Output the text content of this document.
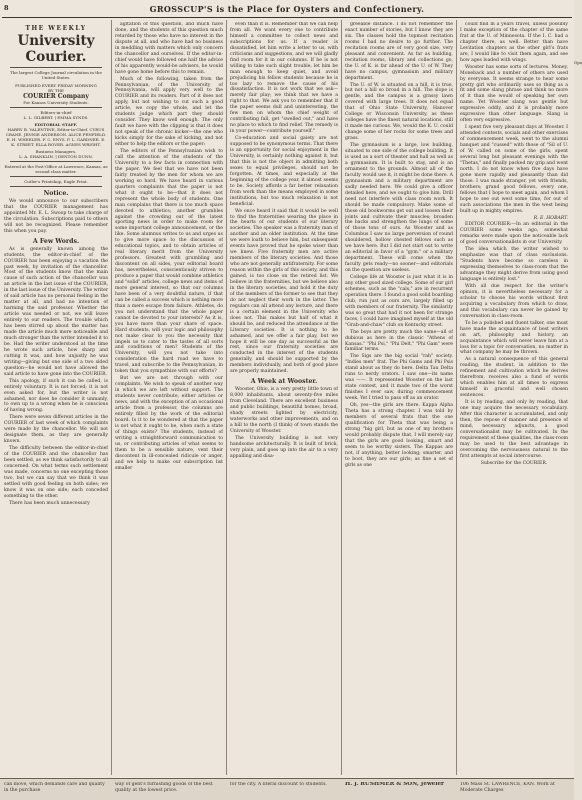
8	GROSSCUP'S is the Place for Oysters and Confectionery.
THE WEEKLY
University Courier.
The largest College Journal circulation in the United States.
PUBLISHED EVERY FRIDAY MORNING
BY THE
COURIER Company
For Kansas University Students.
Editors-in-chief
L. L. GILBERT. | EMMA SYNDS.
EDITORIAL STAFF.
HARRY B. VALENTINE, Editor-in-Chief. CYRUS CRANE. JENNIE ANDERSON. ALICE PENFIELD. E. H. WHEELER. F. C. ENYS. F. L. GARDNER. E. K. STREET. ELLA ROVER. AGNES WRIGHT.
Business Managers.
L. A. SHANKLIN. | DENTON DUNN.
Entered at the Post-Office at Lawrence, Kansas, as second class matter.
Cutler's Printshop, Eagle Print.
Notice.

We would announce to our subscribers that the COURIER management has appointed Mr. E. L. Swoop to take charge of the circulation. Subscriptions paid to others will not be recognized. Please remember this when you pay.

A Few Words.

As is generally known among the students, the editor-in-chief of the COURIER has been enjoying a vacation the past week, by invitation of the chancellor. Most of the students know that the main cause of such action of the chancellor was an article in the last issue of the COURIER, in the last issue of the University. The writer of said article has no personal feeling in the matter at all, and had no intention of harming the said professor. Whether the article was needed or not, we will leave entirely to our readers. The trouble which has been stirred up about the matter has made the article much more noticeable and much stronger than the writer intended it to be. Had the writer understood at the time he wrote such article, how sharp and cutting it was, and how unjustly he was writing—giving but one side of a two sided question—he would not have allowed the said article to have gone into the COURIER.

This apology, if such it can be called, is entirely voluntary. It is not forced; it is not even asked for, but the writer is not ashamed, nor does he consider it unmanly, to own up to a wrong when he is conscious of having wrong.

There were seven different articles in the COURIER of last week of which complaints were made by the chancellor. We will not designate them, as they are generally known.

The difficulty between the editor-in-chief of the COURIER and the chancellor has been settled, as we think satisfactorily to all concerned. On what terms such settlement was made, concerns no one excepting those two, but we can say that we think it was settled with good feeling on both sides; we know it was on one side; each conceded something to the other.

There has been much unnecessary

agitation of this question, and much have done, and the students of this question much retarded by those who have no interest in the dispute at all, and who have had no business in meddling with matters which only concern the chancellor and ourselves. If the editor-in-chief would have followed one half the advice of his apparently would-be advisers, he would have gone home before this to remain.

Much of the following, taken from the Pennsylvanian, of the University of Pennsylvania, will apply very well to the COURIER and its readers. Part of it does not apply, but not wishing to cut such a good article, we copy the whole, and let the students judge which part they should consider. They know well enough. The only fault we have with the clipping is that it does not speak of the chronic kicker—the one who kicks simply for the sake of kicking, and not either to help the editors or the paper:

The editors of the Pennsylvanian wish to call the attention of the students of the University to a few facts in connection with the paper. We feel that we have not been fairly treated by the men for whom we are working so hard. We have heard in various quarters complaints that the paper is not what it ought to be—that it does not represent the whole body of students. One man complains that there is too much space devoted to athletics; another grumbles against the crowding out of the latest sporting news in order to make room for some important college announcement, or the like. Some alumnus writes to us and urges us to give more space to the discussion of educational topics, and to obtain articles of real literary merit from the University professors. Greatest with grumbling and discontent on all sides, your editorial board has, nevertheless, conscientiously striven to produce a paper that would combine athletics and "solid" articles, college news and items of more general interest, so that our columns have been of a very doubtful nature, if that can be called a success which is nothing more than a mere escape from failure. Athletes, do you not understand that the whole paper cannot be devoted to your interests? As it is, you have more than your share of space. Hard students, will your logic and philosophy not make clear to you the necessity that impels us to cater to the tastes of all sorts and conditions of men? Students of the University, will you not take into consideration the hard road we have to travel, and subscribe to the Pennsylvanian, in token that you sympathize with our efforts?

But we are not through with our complaints. We wish to speak of another way in which we are left without support. The students never contribute, either articles or news, and with the exception of an occasional article from a professor, the columns are entirely filled by the work of the editorial board. Is it to be wondered at that the paper is not what it ought to be, when such a state of things exists? The students, instead of writing a straightforward communication to us, or contributing articles of what seems to them to be a sensible nature, vent their discontent in ill-concealed ridicule or anger, and we help to make our subscription list smaller

even than it is. Remember that we can help from all. We want every one to contribute himself a committee to collect news and subscriptions for us. If a reader is dissatisfied, let him write a letter to us, with criticisms and suggestions, and we will gladly find room for it in our columns. If he is not willing to take such slight trouble, let him be man enough to keep quiet, and avoid prejudicing his fellow students because he is too lazy to remove the cause of his dissatisfaction. It is not work that we ask—merely fair play; we think that we have a right to that. We ask you to remember that if the paper seems dull and uninteresting, the few men on whom the chief weight of contributing fall, get "swelled out," and have no place to which to find relief. The remedy is in your power—contribute yourself."

Co-education and social gaiety are not supposed to be synonymous terms. That there is an opportunity for social enjoyment in the University, is certainly nothing against it, but that this is not the object in admitting both sexes to equal privileges, should not be forgotten. At times, and especially at the beginning of the college year, it almost seems to be. Society affords a far better relaxation from work than the means employed in some institutions, but too much relaxation is not beneficial.

We once heard it said that it would be well to find the fraternities wearing the place in the hearts of our students of our literary societies. The speaker was a fraternity man of another and an older institution. At the time we were loath to believe him, but subsequent events have proved that he spoke wiser than we knew. Five fraternity men are active members of the literary societies. And those who are not generally antifraternity. For some reason within the girls of this society, and this gained, is too close on the retired list. We believe in the fraternities, but we believe also in the literary societies, and hold it the duty of the members of the former to see that they do not neglect their work in the latter. The regulars can all attend any lecture, and there is a certain element in the University who does not. This makes but half of what it should be, and reduced the attendance at the Literary societies. It is nothing to be ashamed, and we offer a fair play, but we hope it will be one day as successful as the rest, since our fraternity societies are conducted in the interest of the students generally, and should be supported by the members individually, and both of good place are properly maintained.

A Week at Wooster.

Wooster, Ohio, is a very pretty little town of 8,000 inhabitants, about seventy-five miles from Cleveland. There are excellent business and public buildings, beautiful homes, broad, shady streets lighted by electricity, waterworks and other improvements, and on a hill to the north (I think) of town stands the University of Wooster.

The University building is not very handsome architecturally. It is built of brick, very plain, and goes up into the air to a very appalling and disa-

greeable distance. I do not remember the exact number of stories, but I know they are six. The classes hold the topmost recitation rooms I had no desire to go further. The recitation rooms are of very good size, very pleasant and convenient. As far as building, recitation rooms, library and collections go, the U. of K. is far ahead of the U. of W. They have no campus, gymnasium and military department.

The U. of W. is situated on a hill, it is true, but not a hill so broad in a hill. The slope is gentle, and the campus is a grassy lawn covered with large trees. It does not equal that of Ohio State University, Hanover College or Wisconsin University, as these colleges have the finest natural locations, still it made me curious. We, would the K. U. could change some of her rocks for some trees and grass.

The gymnasium is a large, low building, situated to one side of the college building. It is used as a sort of theater and hall as well as a gymnasium. It is built to stay, and is an ornament to the grounds. Almost all of the faculty would use it, it might be done there. A gymnasium and a military department are sadly needed here. We could give a officer detailed here, and we ought to give him. Drill need not interfere with class room work. It should be made compulsory. Make some of those old bookworms get out and loosen their joints and cultivate their muscles; broaden the backs and strengthen the lungs of some of those tons of ours. As Wooster and as Columbus I saw no large perversion of round shouldered, hollow chested fellows such as we have here. But I did not start out to write an editorial in favor of a "gym." or a military department. These will come when the faculty gets ready—no sooner—and editorials on the question are useless.

College life at Wooster is just what it is in any other good sized college. Some of our girl schemes, such as the "cals," are in recurrent operation there. I found a good solid boarding club, run just as ours are, largely filled up with members of our fraternity. The similarity was so great that had it not been for strange faces, I could have imagined myself at the old "Grab-and-chaw" club on Kentucky street.

The boys are pretty much the same—all of dubious as here in the classic "Athens of Kansas." "Phi Psi," "Phi Delt," "Phi Gam" were familiar terms.

The Sigs are the big social "rah" society. "Indies men" frat. The Phi Gams and Phi Psis stand about as they do here. Delta Tau Delta runs to nerdy orators. I saw one—its name was ——. It represented Wooster on the last state contest, and it made two of the worst finishes I ever saw, during commencement week. Yet I tried to pass off as an orator.

Oh, yes—the girls are there. Kappa Alpha Theta has a strong chapter. I was told by members of several frats that the one qualification for Theta that was being a strong "big girl, but as one of my brothers would probably dispute that, I will merely say that the girls are good looking, smart and seem to be worthy sisters. The Kappas are not, if anything, better looking; smarter, and to boot, they are our girls; as fine a set of girls as one

could find in a years travel, unless possibly I make exception of the chapter of the same frat at the U. of Minnesota. If the I. C. had a chapter there, as well. Better than have Levitation chapters as the other girl's frats are, I would like to visit them again, and see how ages loaded with wings.

Wooster has some sorts of lectures. Money, Moneback and a number of others are used by everyone. It seems strange to hear some pretty girl who ordinarily uses so thing as a fit and some slang phrase and think no more of it than she would of speaking her own name. Yet Wooster slang was gentle but expressive oddly, and it is probably more expressive than other language. Slang is often very expressive.

I spent five very pleasant days at Wooster. I attended contests, socials and other exercises of commencement week, went to the alumni banquet and "cussed" with those of "Sil of U. of W. called on some of the girls, spent several long but pleasant evenings with the "Thetas," and finally packed my grip and went north. I do not know when five days have gone more rapidly and pleasantly than did those. I was made stranger, yet with friends, brothers; grand good fellows, every one, fellows that I hope to meet again, and whom I hope to see out west some time, for out of such associations the men in the west being built up in mighty empires.

R. E. HOBART.

EDITOR COURIER:—In an editorial in the COURIER some weeks ago, somewhat remarks were made upon the noticeable lack of good conversationalists in our University.

The idea which the writer wished to emphasize was that of class exclusions. "Students have become so careless in expressing themselves to class-room that the advantage they might derive from using good language is entirely lost."

With all due respect for the writer's opinion, it is nevertheless necessary for a scholar to choose his words without first acquiring a vocabulary from which to draw, and this vocabulary can never be gained by conversation in class-room.

To be a polished and fluent talker, one must have made the acquaintance of best writers on art, philosophy and history, an acquaintance which will never leave him at a loss for a topic for conversation, no matter in what company he may be thrown.

As a natural consequence of this general reading, the student, in addition to the refinement and cultivation which he derives therefrom, receives also a fund of words which enables him at all times to express himself in graceful and well chosen sentences.

It is by reading, and only by reading, that one may acquire the necessary vocabulary. After this character is accumulated, and only then, the repose of manner and presence of mind, necessary adjuncts, a good conversationalist may be cultivated. In the requirement of these qualities, the class-room may be used to the best advantage in overcoming the nervousness natural to the first attempts at social intercourse.

Subscribe for the COURIER.

can move, which demands care and quality in the purchase
way of gent's furnishing goods of the best quality at the lowest price.
for the city. A literal discount to students.	H. J. RUSHMER & SON, Jeweler	106 Mass St. LAWRENCE, KAN. Work at Moderate Charges
Ope
